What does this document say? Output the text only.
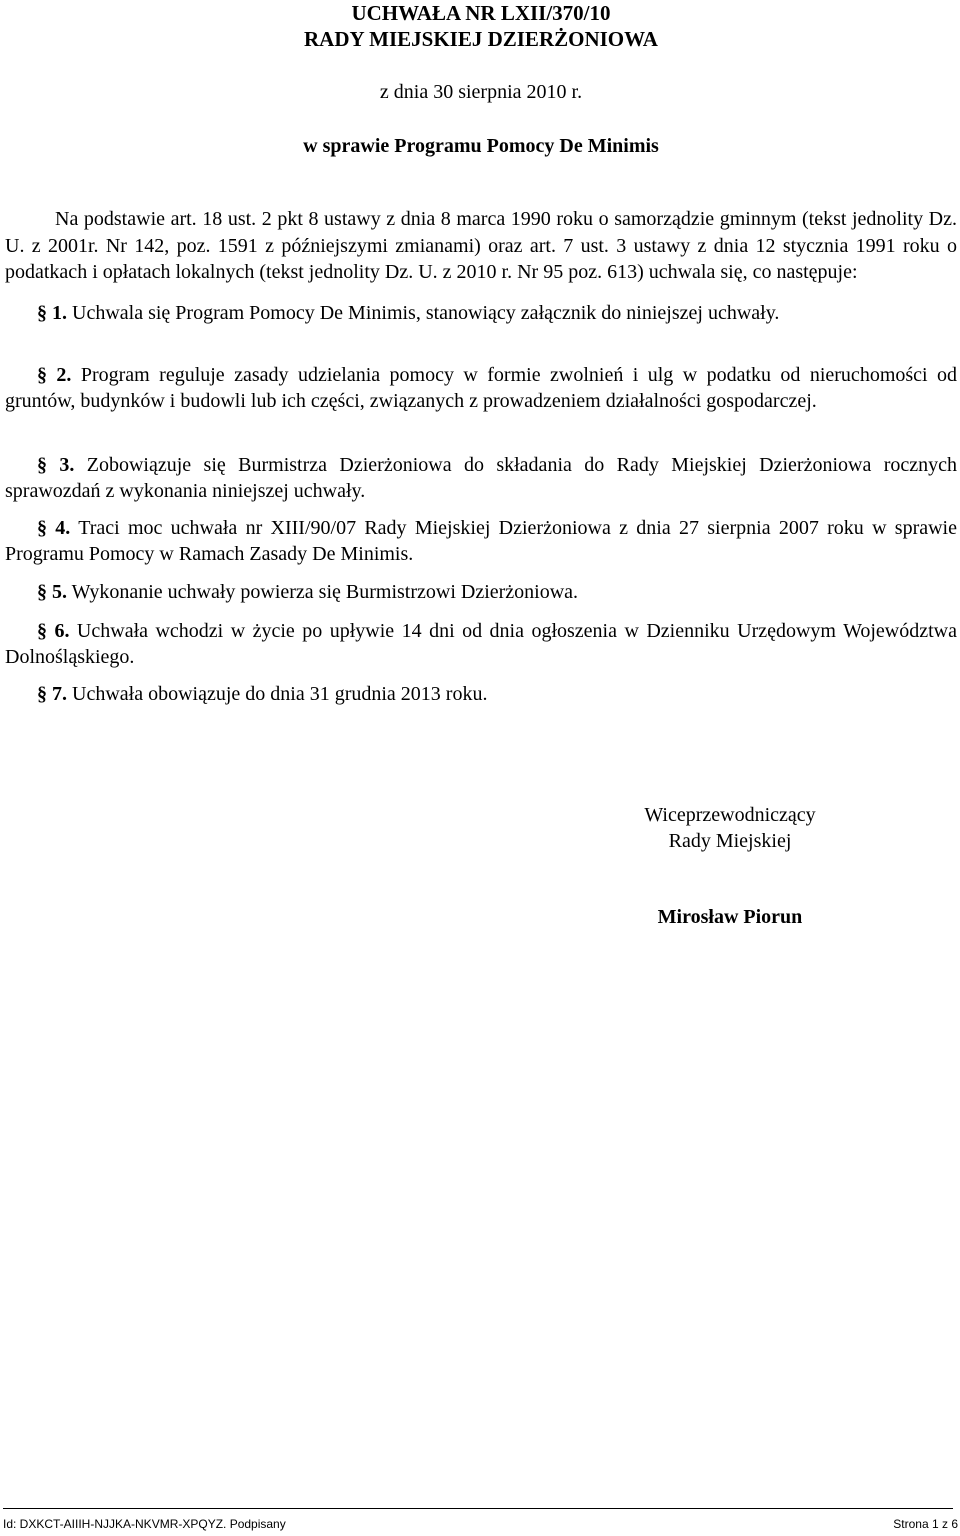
UCHWAŁA NR LXII/370/10
RADY MIEJSKIEJ DZIERŻONIOWA
z dnia 30 sierpnia 2010 r.
w sprawie Programu Pomocy De Minimis

Na podstawie art. 18 ust. 2 pkt 8 ustawy z dnia 8 marca 1990 roku o samorządzie gminnym (tekst jednolity Dz. U. z 2001r. Nr 142, poz. 1591 z późniejszymi zmianami) oraz art. 7 ust. 3 ustawy z dnia 12 stycznia 1991 roku o podatkach i opłatach lokalnych (tekst jednolity Dz. U. z 2010 r. Nr 95 poz. 613) uchwala się, co następuje:

§ 1. Uchwala się Program Pomocy De Minimis, stanowiący załącznik do niniejszej uchwały.

§ 2. Program reguluje zasady udzielania pomocy w formie zwolnień i ulg w podatku od nieruchomości od gruntów, budynków i budowli lub ich części, związanych z prowadzeniem działalności gospodarczej.

§ 3. Zobowiązuje się Burmistrza Dzierżoniowa do składania do Rady Miejskiej Dzierżoniowa rocznych sprawozdań z wykonania niniejszej uchwały.

§ 4. Traci moc uchwała nr XIII/90/07 Rady Miejskiej Dzierżoniowa z dnia 27 sierpnia 2007 roku w sprawie Programu Pomocy w Ramach Zasady De Minimis.

§ 5. Wykonanie uchwały powierza się Burmistrzowi Dzierżoniowa.

§ 6. Uchwała wchodzi w życie po upływie 14 dni od dnia ogłoszenia w Dzienniku Urzędowym Województwa Dolnośląskiego.

§ 7. Uchwała obowiązuje do dnia 31 grudnia 2013 roku.

Wiceprzewodniczący
Rady Miejskiej
Mirosław Piorun
Id: DXKCT-AIIIH-NJJKA-NKVMR-XPQYZ. Podpisany	Strona 1 z 6
